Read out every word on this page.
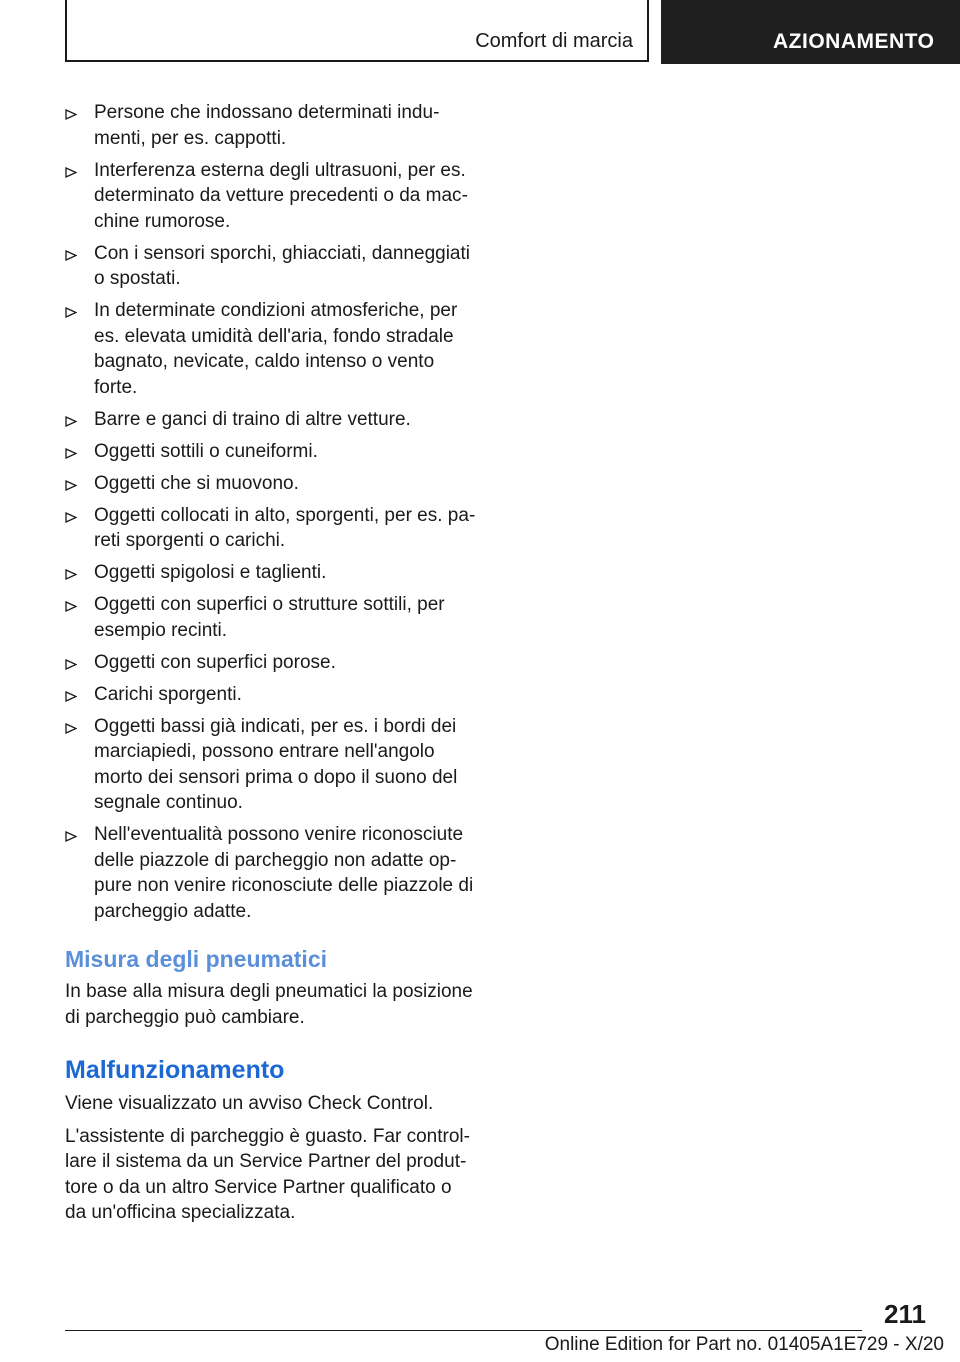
Comfort di marcia	AZIONAMENTO
Persone che indossano determinati indumenti, per es. cappotti.
Interferenza esterna degli ultrasuoni, per es. determinato da vetture precedenti o da macchine rumorose.
Con i sensori sporchi, ghiacciati, danneggiati o spostati.
In determinate condizioni atmosferiche, per es. elevata umidità dell'aria, fondo stradale bagnato, nevicate, caldo intenso o vento forte.
Barre e ganci di traino di altre vetture.
Oggetti sottili o cuneiformi.
Oggetti che si muovono.
Oggetti collocati in alto, sporgenti, per es. pareti sporgenti o carichi.
Oggetti spigolosi e taglienti.
Oggetti con superfici o strutture sottili, per esempio recinti.
Oggetti con superfici porose.
Carichi sporgenti.
Oggetti bassi già indicati, per es. i bordi dei marciapiedi, possono entrare nell'angolo morto dei sensori prima o dopo il suono del segnale continuo.
Nell'eventualità possono venire riconosciute delle piazzole di parcheggio non adatte oppure non venire riconosciute delle piazzole di parcheggio adatte.
Misura degli pneumatici

In base alla misura degli pneumatici la posizione di parcheggio può cambiare.

Malfunzionamento

Viene visualizzato un avviso Check Control.

L'assistente di parcheggio è guasto. Far controllare il sistema da un Service Partner del produttore o da un altro Service Partner qualificato o da un'officina specializzata.

211
Online Edition for Part no. 01405A1E729 - X/20
